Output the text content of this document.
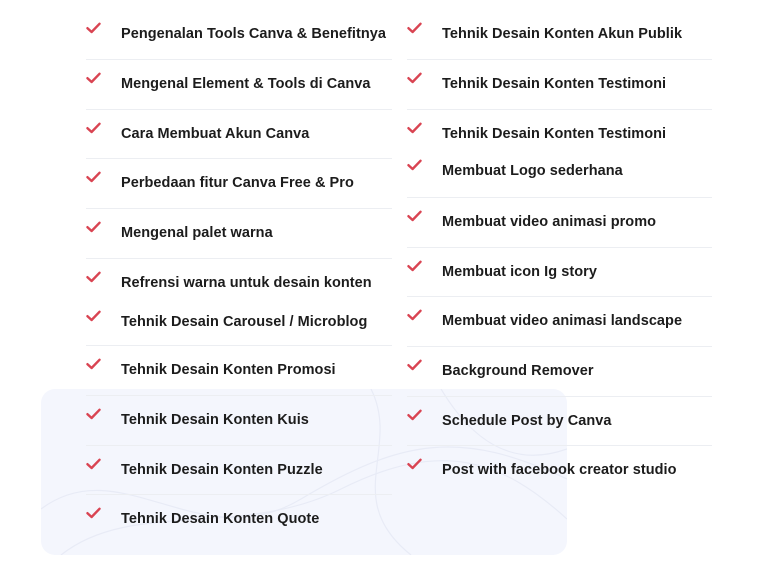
Pengenalan Tools Canva & Benefitnya
Mengenal Element & Tools di Canva
Cara Membuat Akun Canva
Perbedaan fitur Canva Free & Pro
Mengenal palet warna
Refrensi warna untuk desain konten
Tehnik Desain Carousel / Microblog
Tehnik Desain Konten Promosi
Tehnik Desain Konten Kuis
Tehnik Desain Konten Puzzle
Tehnik Desain Konten Quote
Tehnik Desain Konten Akun Publik
Tehnik Desain Konten Testimoni
Tehnik Desain Konten Testimoni
Membuat Logo sederhana
Membuat video animasi promo
Membuat icon Ig story
Membuat video animasi landscape
Background Remover
Schedule Post by Canva
Post with facebook creator studio
